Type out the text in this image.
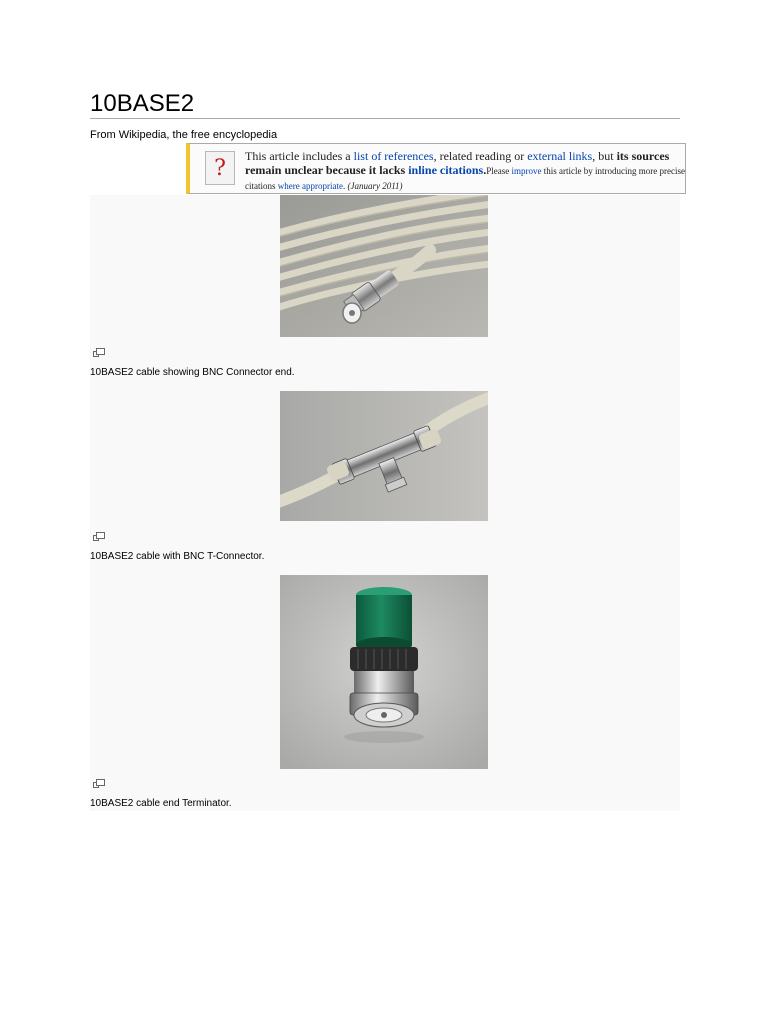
10BASE2
From Wikipedia, the free encyclopedia
?	This article includes a list of references, related reading or external links, but its sources remain unclear because it lacks inline citations.Please improve this article by introducing more precise citations where appropriate. (January 2011)
10BASE2 cable showing BNC Connector end.
10BASE2 cable with BNC T-Connector.
10BASE2 cable end Terminator.
